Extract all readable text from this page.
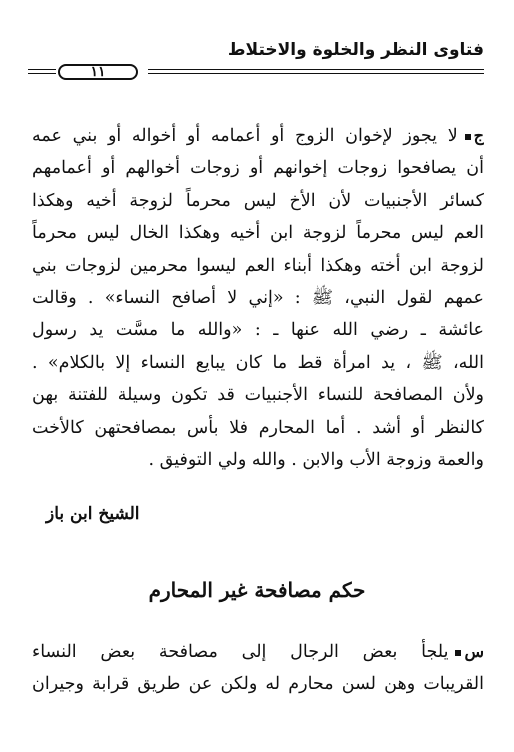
فتاوى النظر والخلوة والاختلاط
١١
جلا يجوز لإخوان الزوج أو أعمامه أو أخواله أو بني عمه
أن يصافحوا زوجات إخوانهم أو زوجات أخوالهم أو أعمامهم
كسائر الأجنبيات لأن الأخ ليس محرماً لزوجة أخيه وهكذا
العم ليس محرماً لزوجة ابن أخيه وهكذا الخال ليس محرماً
لزوجة ابن أخته وهكذا أبناء العم ليسوا محرمين لزوجات بني
عمهم لقول النبي، ﷺ : «إني لا أصافح النساء» . وقالت
عائشة ـ رضي الله عنها ـ : «والله ما مسَّت يد رسول
الله، ﷺ ، يد امرأة قط ما كان يبايع النساء إلا بالكلام» .
ولأن المصافحة للنساء الأجنبيات قد تكون وسيلة للفتنة بهن
كالنظر أو أشد . أما المحارم فلا بأس بمصافحتهن كالأخت
والعمة وزوجة الأب والابن . والله ولي التوفيق .
الشيخ ابن باز
حكم مصافحة غير المحارم
سيلجأ بعض الرجال إلى مصافحة بعض النساء
القريبات وهن لسن محارم له ولكن عن طريق قرابة وجيران
